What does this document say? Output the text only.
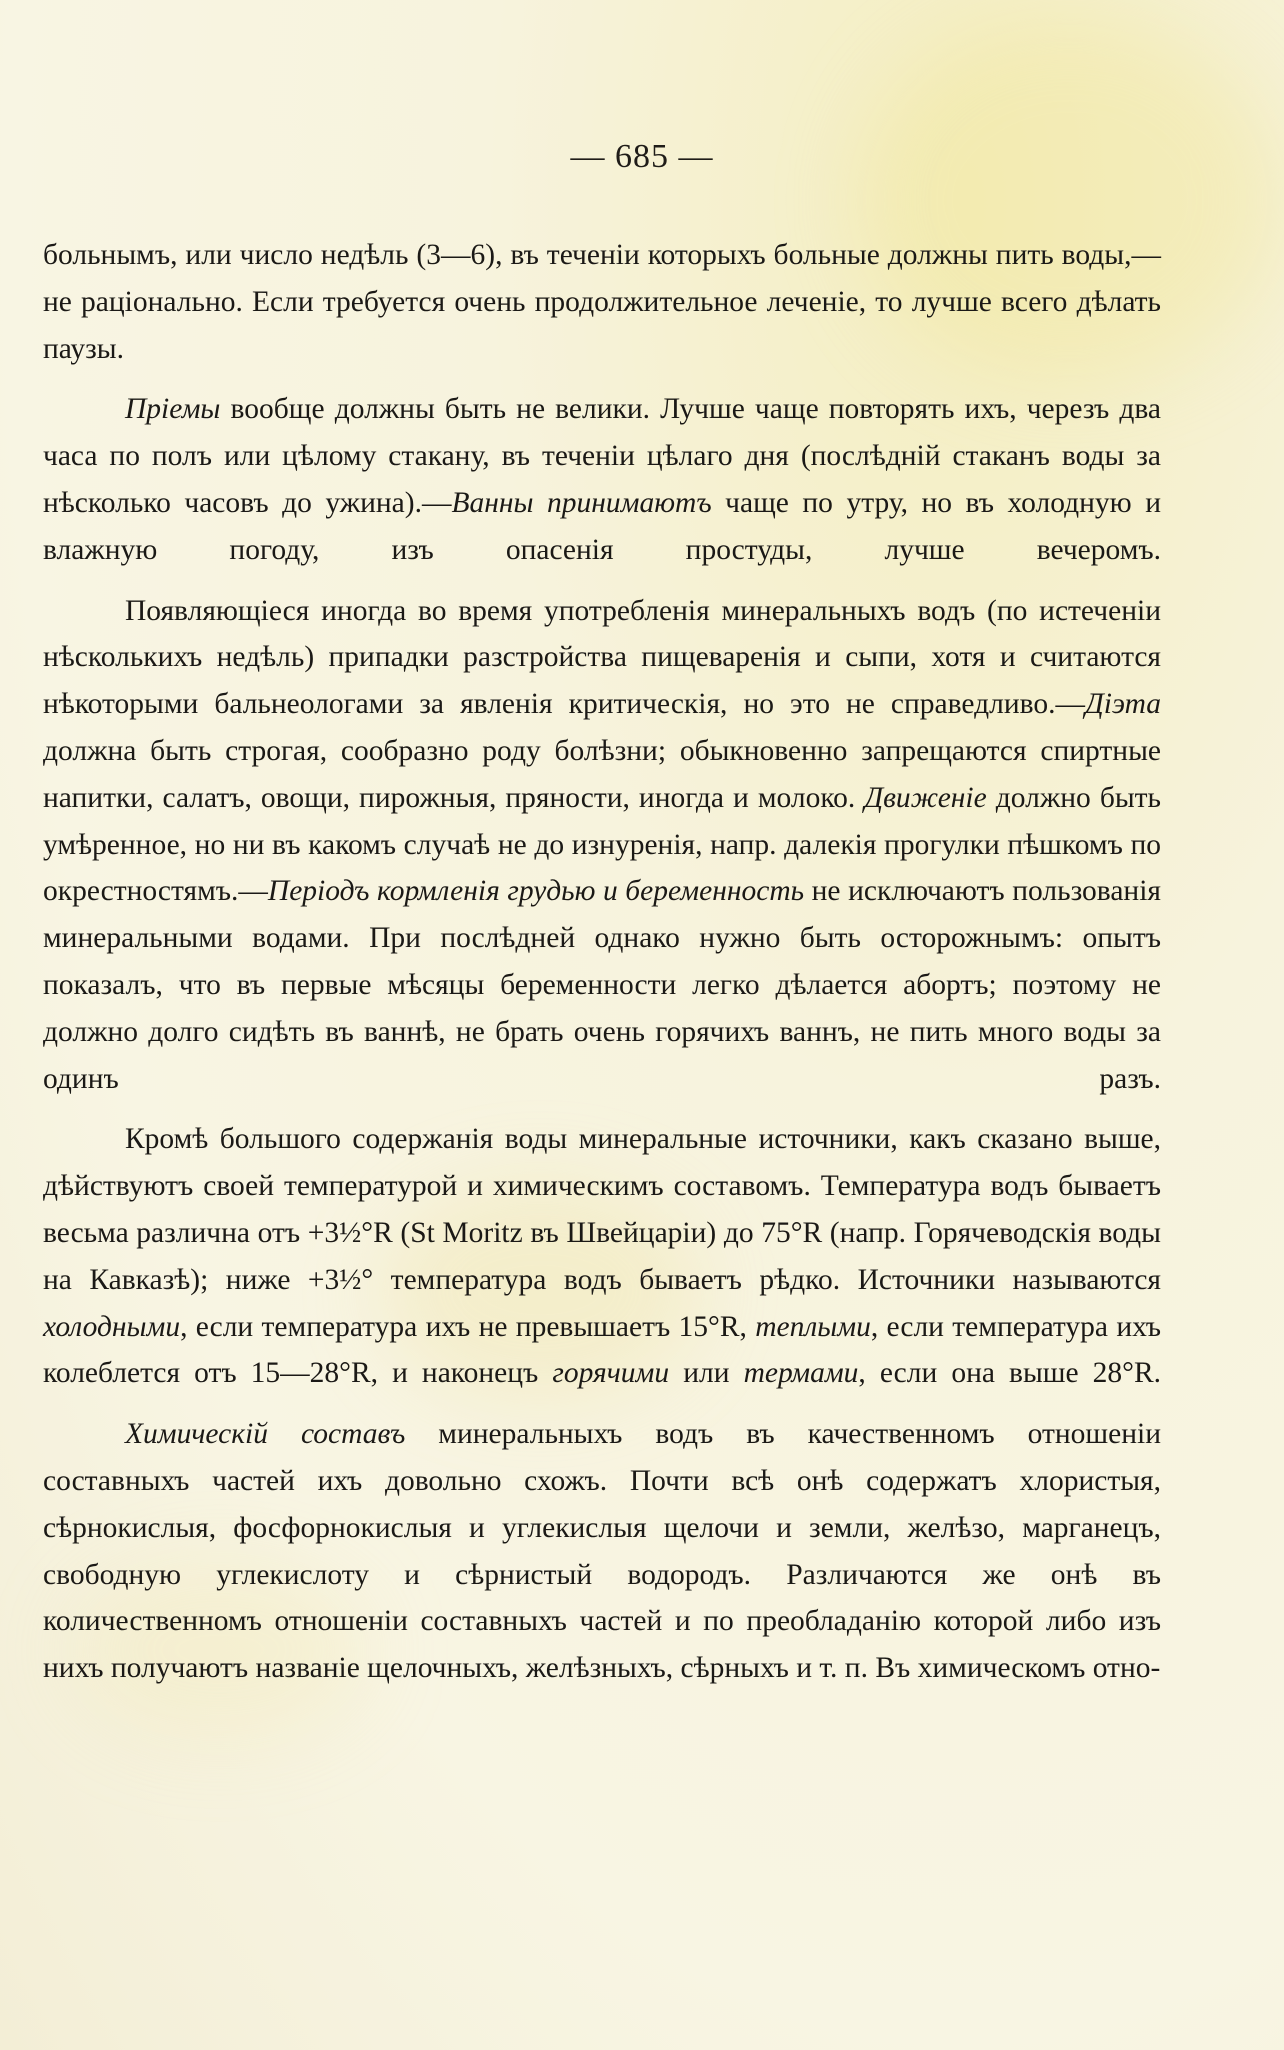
— 685 —

больнымъ, или число недѣль (3—6), въ теченіи которыхъ больные должны пить воды,—не раціонально. Если требуется очень продолжительное леченіе, то лучше всего дѣлать паузы.

Пріемы вообще должны быть не велики. Лучше чаще повторять ихъ, черезъ два часа по полъ или цѣлому стакану, въ теченіи цѣлаго дня (послѣдній стаканъ воды за нѣсколько часовъ до ужина).—Ванны принимаютъ чаще по утру, но въ холодную и влажную погоду, изъ опасенія простуды, лучше вечеромъ.

Появляющіеся иногда во время употребленія минеральныхъ водъ (по истеченіи нѣсколькихъ недѣль) припадки разстройства пищеваренія и сыпи, хотя и считаются нѣкоторыми бальнеологами за явленія критическія, но это не справедливо.—Діэта должна быть строгая, сообразно роду болѣзни; обыкновенно запрещаются спиртные напитки, салатъ, овощи, пирожныя, пряности, иногда и молоко. Движеніе должно быть умѣренное, но ни въ какомъ случаѣ не до изнуренія, напр. далекія прогулки пѣшкомъ по окрестностямъ.—Періодъ кормленія грудью и беременность не исключаютъ пользованія минеральными водами. При послѣдней однако нужно быть осторожнымъ: опытъ показалъ, что въ первые мѣсяцы беременности легко дѣлается абортъ; поэтому не должно долго сидѣть въ ваннѣ, не брать очень горячихъ ваннъ, не пить много воды за одинъ разъ.

Кромѣ большого содержанія воды минеральные источники, какъ сказано выше, дѣйствуютъ своей температурой и химическимъ составомъ. Температура водъ бываетъ весьма различна отъ +3½°R (St Moritz въ Швейцаріи) до 75°R (напр. Горячеводскія воды на Кавказѣ); ниже +3½° температура водъ бываетъ рѣдко. Источники называются холодными, если температура ихъ не превышаетъ 15°R, теплыми, если температура ихъ колеблется отъ 15—28°R, и наконецъ горячими или термами, если она выше 28°R.

Химическій составъ минеральныхъ водъ въ качественномъ отношеніи составныхъ частей ихъ довольно схожъ. Почти всѣ онѣ содержатъ хлористыя, сѣрнокислыя, фосфорнокислыя и углекислыя щелочи и земли, желѣзо, марганецъ, свободную углекислоту и сѣрнистый водородъ. Различаются же онѣ въ количественномъ отношеніи составныхъ частей и по преобладанію которой либо изъ нихъ получаютъ названіе щелочныхъ, желѣзныхъ, сѣрныхъ и т. п. Въ химическомъ отно-
